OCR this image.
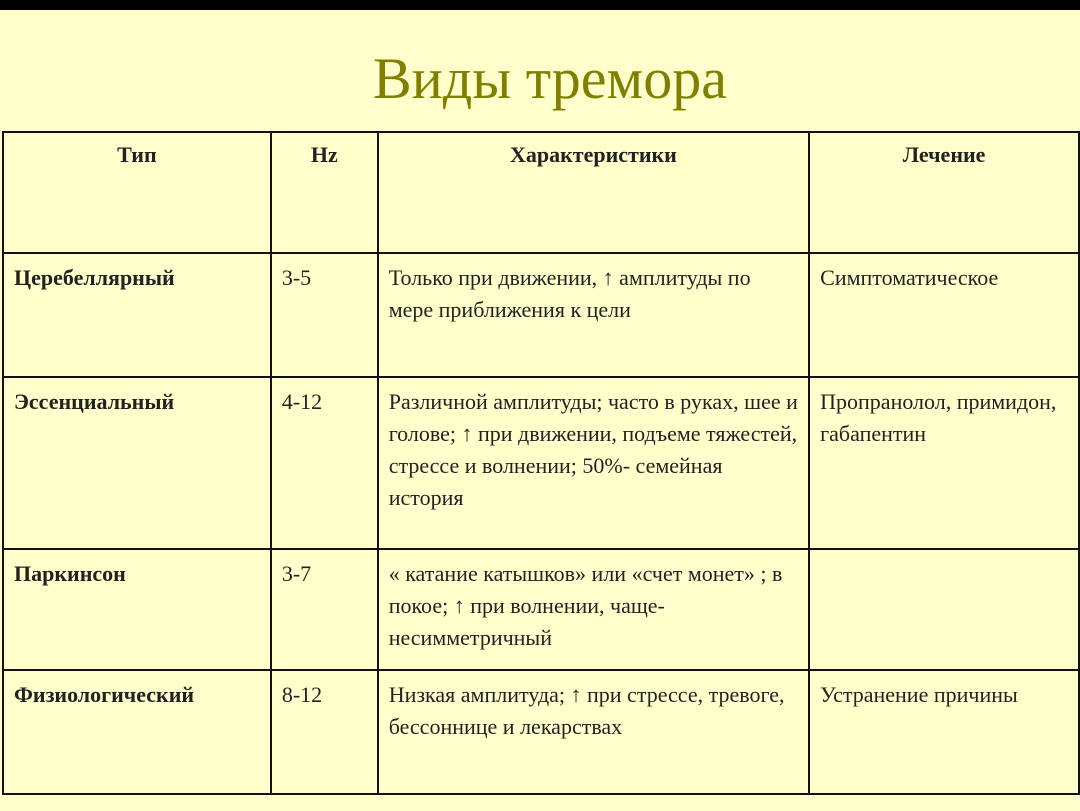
Виды тремора
Тип	Hz	Характеристики	Лечение
Церебеллярный	3-5	Только при движении, ↑ амплитуды по мере приближения к цели	Симптоматическое
Эссенциальный	4-12	Различной амплитуды; часто в руках, шее и голове; ↑ при движении, подъеме тяжестей, стрессе и волнении; 50%- семейная история	Пропранолол, примидон, габапентин
Паркинсон	3-7	« катание катышков» или «счет монет» ; в покое; ↑ при волнении, чаще- несимметричный	
Физиологический	8-12	Низкая амплитуда; ↑ при стрессе, тревоге, бессоннице и лекарствах	Устранение причины
